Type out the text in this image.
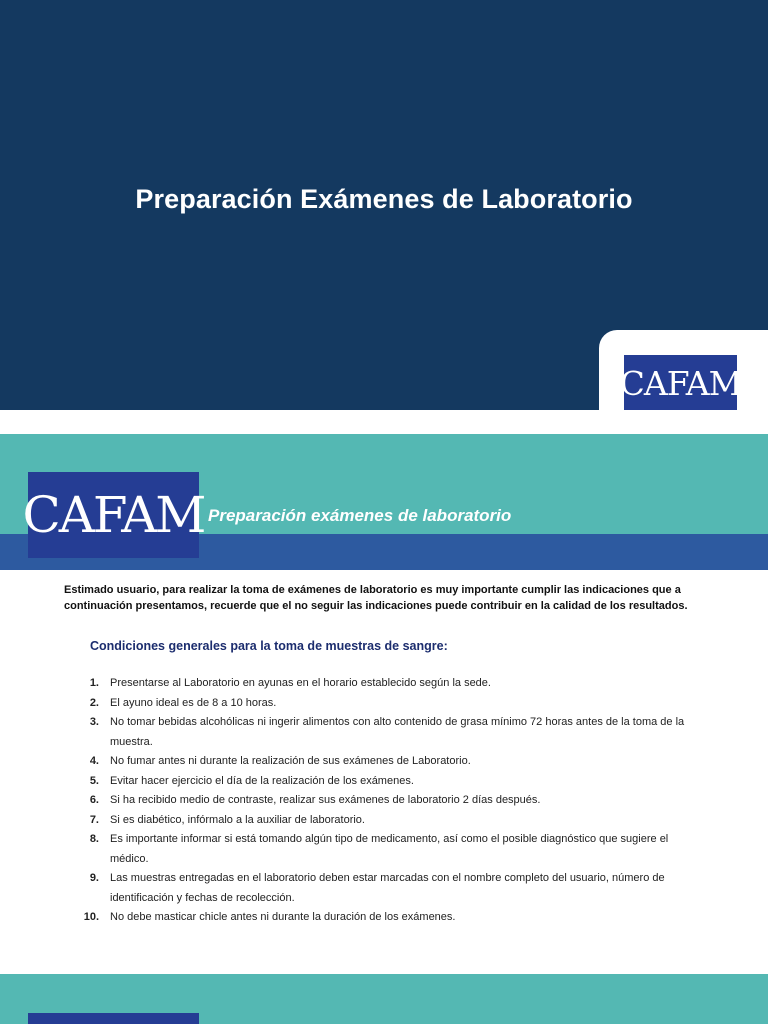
Preparación Exámenes de Laboratorio
CAFAM
CAFAM Preparación exámenes de laboratorio
Estimado usuario, para realizar la toma de exámenes de laboratorio es muy importante cumplir las indicaciones que a continuación presentamos, recuerde que el no seguir las indicaciones puede contribuir en la calidad de los resultados.
Condiciones generales para la toma de muestras de sangre:
1.	Presentarse al Laboratorio en ayunas en el horario establecido según la sede.
2.	El ayuno ideal es de 8 a 10 horas.
3.	No tomar bebidas alcohólicas ni ingerir alimentos con alto contenido de grasa mínimo 72 horas antes de la toma de la muestra.
4.	No fumar antes ni durante la realización de sus exámenes de Laboratorio.
5.	Evitar hacer ejercicio el día de la realización de los exámenes.
6.	Si ha recibido medio de contraste, realizar sus exámenes de laboratorio 2 días después.
7.	Si es diabético, infórmalo a la auxiliar de laboratorio.
8.	Es importante informar si está tomando algún tipo de medicamento, así como el posible diagnóstico que sugiere el médico.
9.	Las muestras entregadas en el laboratorio deben estar marcadas con el nombre completo del usuario, número de identificación y fechas de recolección.
10.	No debe masticar chicle antes ni durante la duración de los exámenes.
